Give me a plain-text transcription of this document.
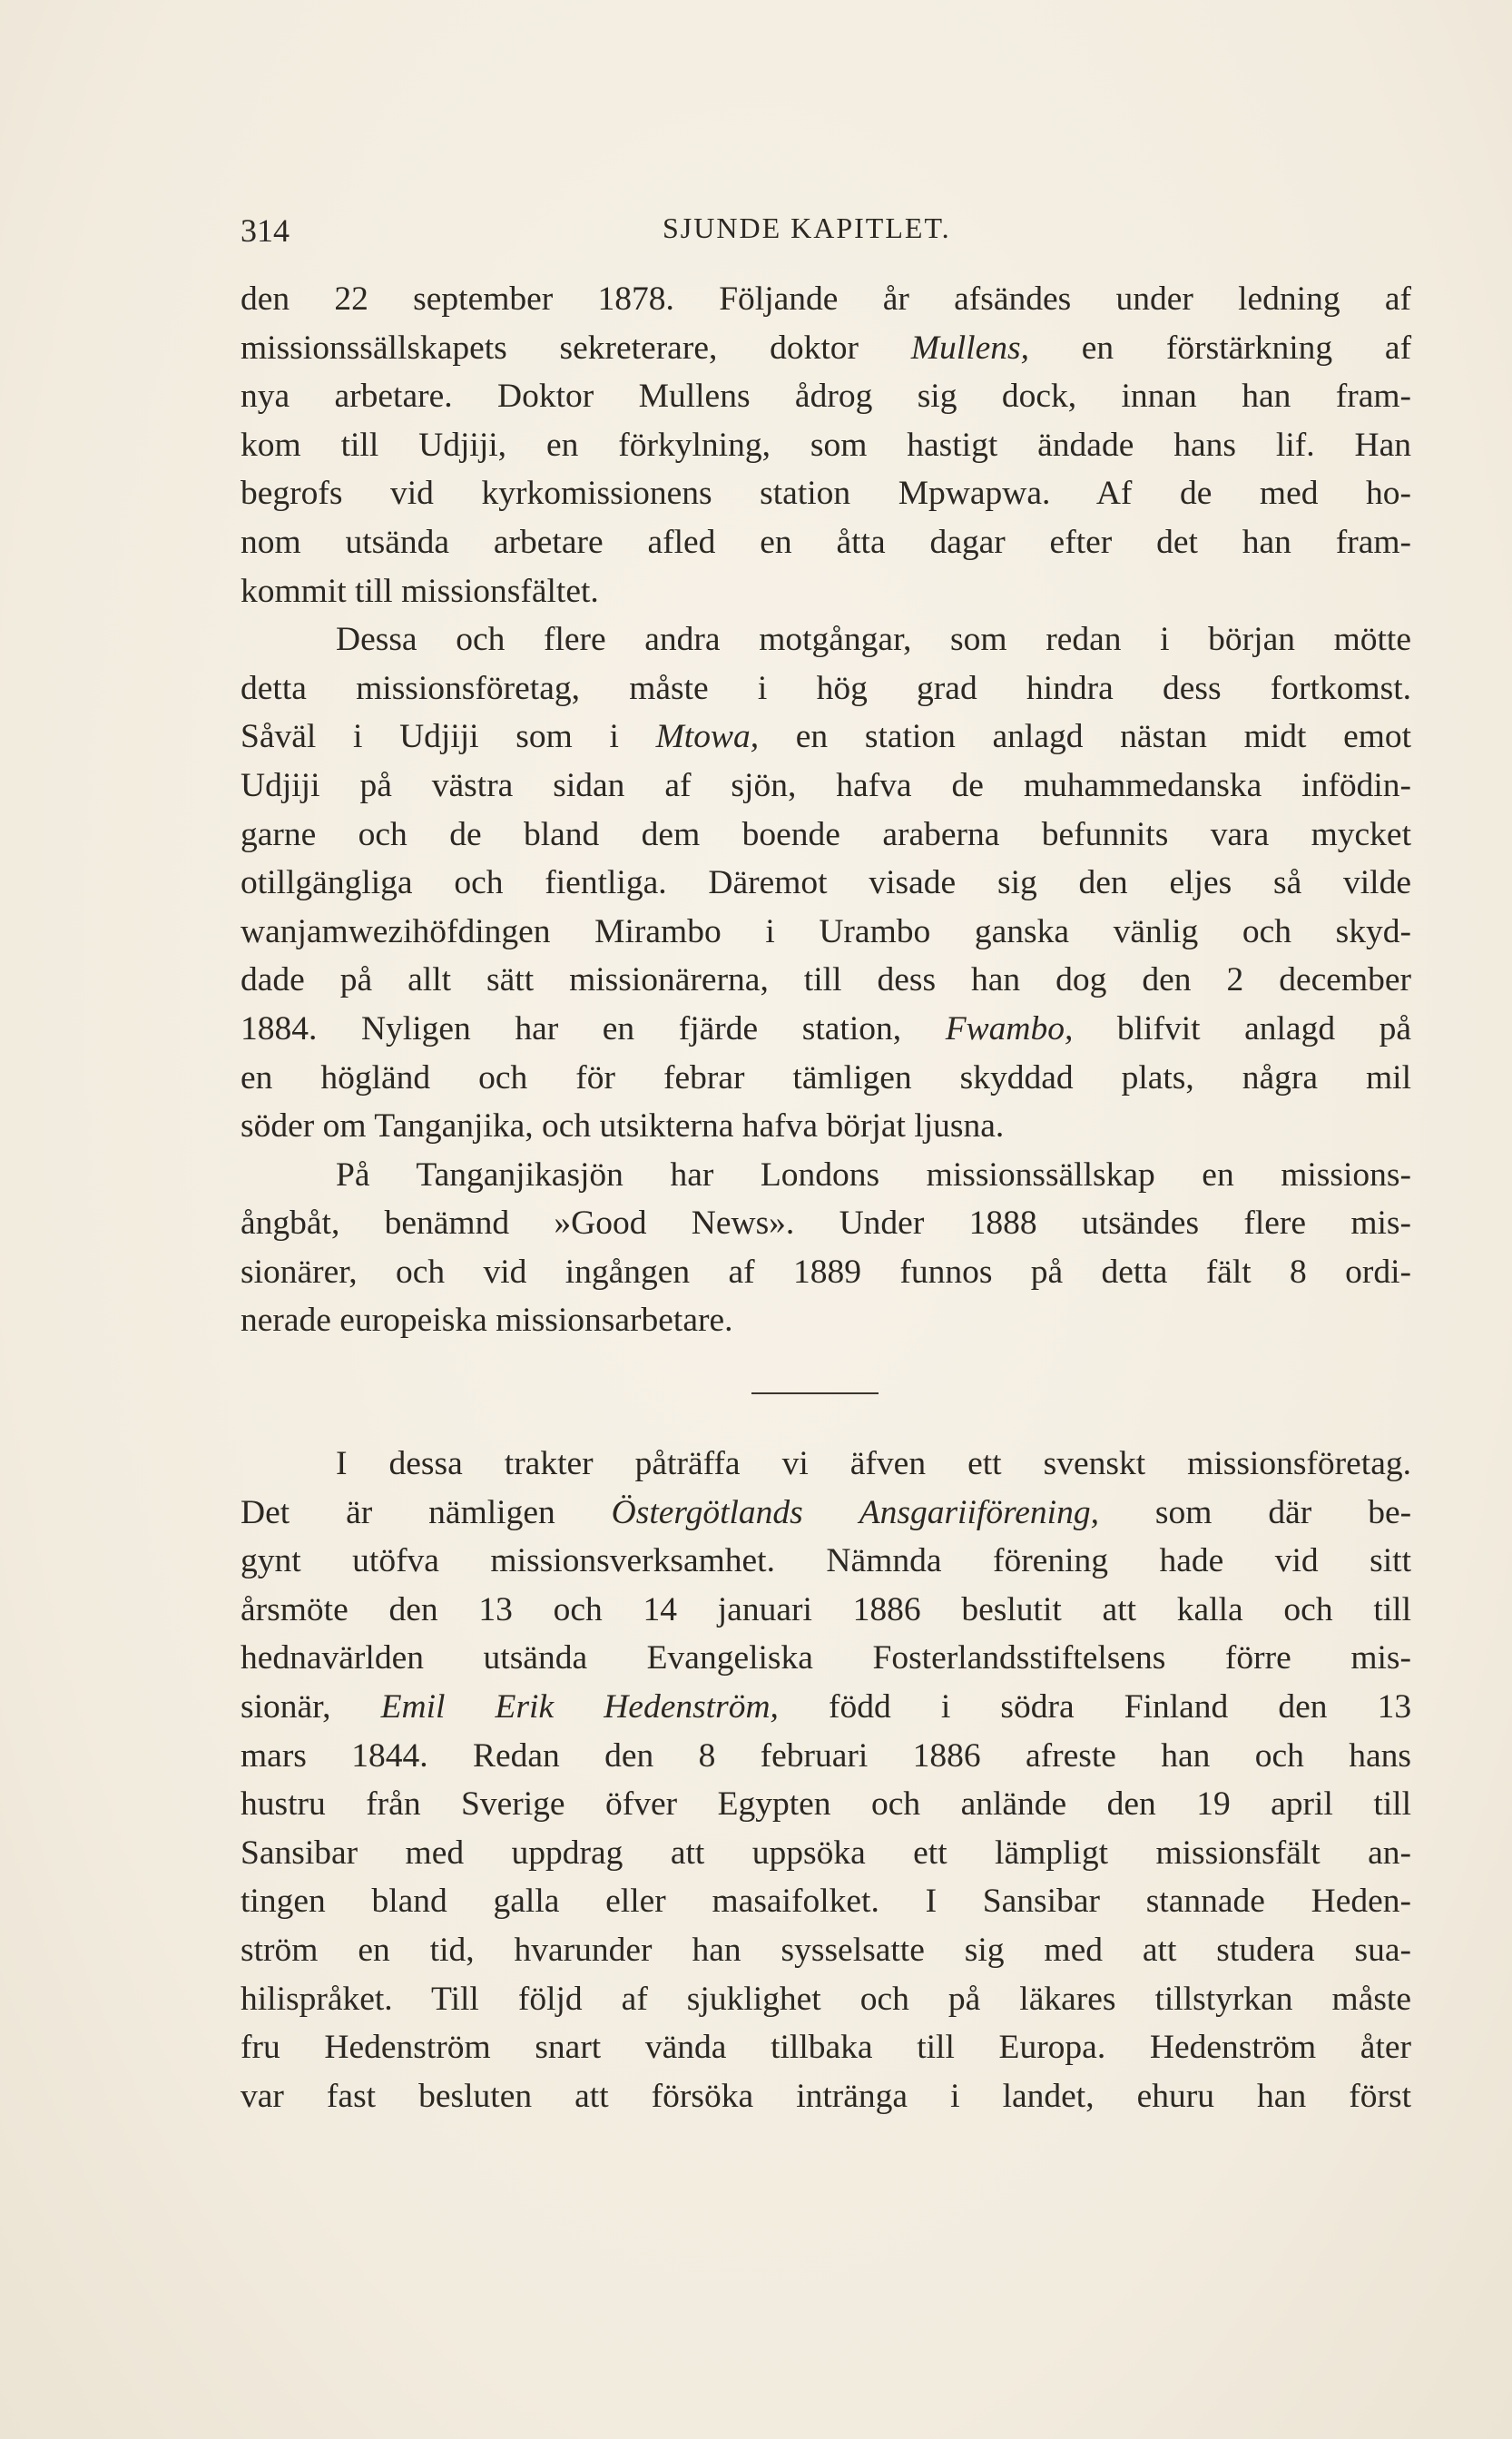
314	SJUNDE KAPITLET.
den 22 september 1878. Följande år afsändes under ledning af
missionssällskapets sekreterare, doktor Mullens, en förstärkning af
nya arbetare. Doktor Mullens ådrog sig dock, innan han fram-
kom till Udjiji, en förkylning, som hastigt ändade hans lif. Han
begrofs vid kyrkomissionens station Mpwapwa. Af de med ho-
nom utsända arbetare afled en åtta dagar efter det han fram-
kommit till missionsfältet.
Dessa och flere andra motgångar, som redan i början mötte
detta missionsföretag, måste i hög grad hindra dess fortkomst.
Såväl i Udjiji som i Mtowa, en station anlagd nästan midt emot
Udjiji på västra sidan af sjön, hafva de muhammedanska infödin-
garne och de bland dem boende araberna befunnits vara mycket
otillgängliga och fientliga. Däremot visade sig den eljes så vilde
wanjamwezihöfdingen Mirambo i Urambo ganska vänlig och skyd-
dade på allt sätt missionärerna, till dess han dog den 2 december
1884. Nyligen har en fjärde station, Fwambo, blifvit anlagd på
en högländ och för febrar tämligen skyddad plats, några mil
söder om Tanganjika, och utsikterna hafva börjat ljusna.
På Tanganjikasjön har Londons missionssällskap en missions-
ångbåt, benämnd »Good News». Under 1888 utsändes flere mis-
sionärer, och vid ingången af 1889 funnos på detta fält 8 ordi-
nerade europeiska missionsarbetare.
I dessa trakter påträffa vi äfven ett svenskt missionsföretag.
Det är nämligen Östergötlands Ansgariiförening, som där be-
gynt utöfva missionsverksamhet. Nämnda förening hade vid sitt
årsmöte den 13 och 14 januari 1886 beslutit att kalla och till
hednavärlden utsända Evangeliska Fosterlandsstiftelsens förre mis-
sionär, Emil Erik Hedenström, född i södra Finland den 13
mars 1844. Redan den 8 februari 1886 afreste han och hans
hustru från Sverige öfver Egypten och anlände den 19 april till
Sansibar med uppdrag att uppsöka ett lämpligt missionsfält an-
tingen bland galla eller masaifolket. I Sansibar stannade Heden-
ström en tid, hvarunder han sysselsatte sig med att studera sua-
hilispråket. Till följd af sjuklighet och på läkares tillstyrkan måste
fru Hedenström snart vända tillbaka till Europa. Hedenström åter
var fast besluten att försöka intränga i landet, ehuru han först
